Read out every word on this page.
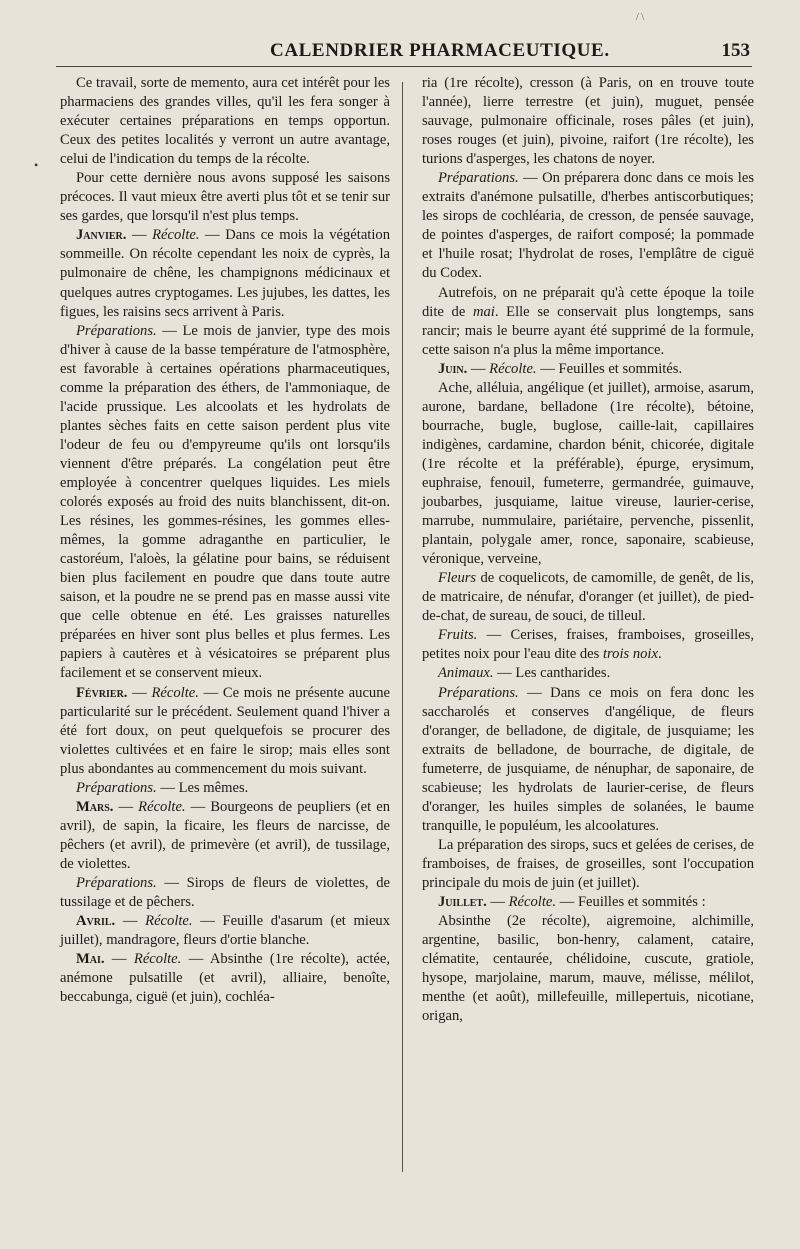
CALENDRIER PHARMACEUTIQUE.	153
•
/ \

Ce travail, sorte de memento, aura cet intérêt pour les pharmaciens des grandes villes, qu'il les fera songer à exécuter certaines préparations en temps opportun. Ceux des petites localités y verront un autre avantage, celui de l'indication du temps de la récolte.

Pour cette dernière nous avons supposé les saisons précoces. Il vaut mieux être averti plus tôt et se tenir sur ses gardes, que lorsqu'il n'est plus temps.

Janvier. — Récolte. — Dans ce mois la végétation sommeille. On récolte cependant les noix de cyprès, la pulmonaire de chêne, les champignons médicinaux et quelques autres cryptogames. Les jujubes, les dattes, les figues, les raisins secs arrivent à Paris.

Préparations. — Le mois de janvier, type des mois d'hiver à cause de la basse température de l'atmosphère, est favorable à certaines opérations pharmaceutiques, comme la préparation des éthers, de l'ammoniaque, de l'acide prussique. Les alcoolats et les hydrolats de plantes sèches faits en cette saison perdent plus vite l'odeur de feu ou d'empyreume qu'ils ont lorsqu'ils viennent d'être préparés. La congélation peut être employée à concentrer quelques liquides. Les miels colorés exposés au froid des nuits blanchissent, dit-on. Les résines, les gommes-résines, les gommes elles-mêmes, la gomme adraganthe en particulier, le castoréum, l'aloès, la gélatine pour bains, se réduisent bien plus facilement en poudre que dans toute autre saison, et la poudre ne se prend pas en masse aussi vite que celle obtenue en été. Les graisses naturelles préparées en hiver sont plus belles et plus fermes. Les papiers à cautères et à vésicatoires se préparent plus facilement et se conservent mieux.

Février. — Récolte. — Ce mois ne présente aucune particularité sur le précédent. Seulement quand l'hiver a été fort doux, on peut quelquefois se procurer des violettes cultivées et en faire le sirop; mais elles sont plus abondantes au commencement du mois suivant.

Préparations. — Les mêmes.

Mars. — Récolte. — Bourgeons de peupliers (et en avril), de sapin, la ficaire, les fleurs de narcisse, de pêchers (et avril), de primevère (et avril), de tussilage, de violettes.

Préparations. — Sirops de fleurs de violettes, de tussilage et de pêchers.

Avril. — Récolte. — Feuille d'asarum (et mieux juillet), mandragore, fleurs d'ortie blanche.

Mai. — Récolte. — Absinthe (1re récolte), actée, anémone pulsatille (et avril), alliaire, benoîte, beccabunga, ciguë (et juin), cochléa-

ria (1re récolte), cresson (à Paris, on en trouve toute l'année), lierre terrestre (et juin), muguet, pensée sauvage, pulmonaire officinale, roses pâles (et juin), roses rouges (et juin), pivoine, raifort (1re récolte), les turions d'asperges, les chatons de noyer.

Préparations. — On préparera donc dans ce mois les extraits d'anémone pulsatille, d'herbes antiscorbutiques; les sirops de cochléaria, de cresson, de pensée sauvage, de pointes d'asperges, de raifort composé; la pommade et l'huile rosat; l'hydrolat de roses, l'emplâtre de ciguë du Codex.

Autrefois, on ne préparait qu'à cette époque la toile dite de mai. Elle se conservait plus longtemps, sans rancir; mais le beurre ayant été supprimé de la formule, cette saison n'a plus la même importance.

Juin. — Récolte. — Feuilles et sommités.

Ache, alléluia, angélique (et juillet), armoise, asarum, aurone, bardane, belladone (1re récolte), bétoine, bourrache, bugle, buglose, caille-lait, capillaires indigènes, cardamine, chardon bénit, chicorée, digitale (1re récolte et la préférable), épurge, erysimum, euphraise, fenouil, fumeterre, germandrée, guimauve, joubarbes, jusquiame, laitue vireuse, laurier-cerise, marrube, nummulaire, pariétaire, pervenche, pissenlit, plantain, polygale amer, ronce, saponaire, scabieuse, véronique, verveine,

Fleurs de coquelicots, de camomille, de genêt, de lis, de matricaire, de nénufar, d'oranger (et juillet), de pied-de-chat, de sureau, de souci, de tilleul.

Fruits. — Cerises, fraises, framboises, groseilles, petites noix pour l'eau dite des trois noix.

Animaux. — Les cantharides.

Préparations. — Dans ce mois on fera donc les saccharolés et conserves d'angélique, de fleurs d'oranger, de belladone, de digitale, de jusquiame; les extraits de belladone, de bourrache, de digitale, de fumeterre, de jusquiame, de nénuphar, de saponaire, de scabieuse; les hydrolats de laurier-cerise, de fleurs d'oranger, les huiles simples de solanées, le baume tranquille, le populéum, les alcoolatures.

La préparation des sirops, sucs et gelées de cerises, de framboises, de fraises, de groseilles, sont l'occupation principale du mois de juin (et juillet).

Juillet. — Récolte. — Feuilles et sommités :

Absinthe (2e récolte), aigremoine, alchimille, argentine, basilic, bon-henry, calament, cataire, clématite, centaurée, chélidoine, cuscute, gratiole, hysope, marjolaine, marum, mauve, mélisse, mélilot, menthe (et août), millefeuille, millepertuis, nicotiane, origan,
